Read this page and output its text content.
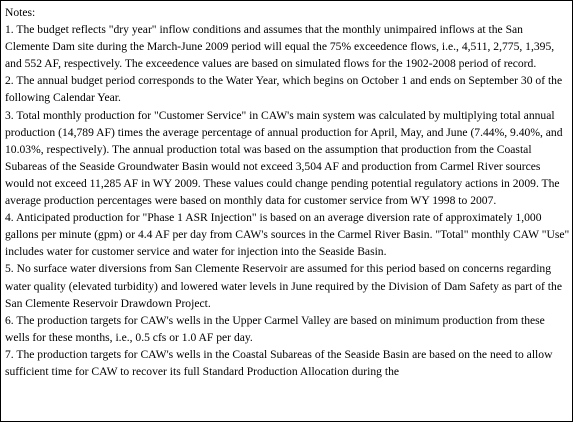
Notes:

1. The budget reflects "dry year" inflow conditions and assumes that the monthly unimpaired inflows at the San Clemente Dam site during the March-June 2009 period will equal the 75% exceedence flows, i.e., 4,511, 2,775, 1,395, and 552 AF, respectively. The exceedence values are based on simulated flows for the 1902-2008 period of record.

2. The annual budget period corresponds to the Water Year, which begins on October 1 and ends on September 30 of the following Calendar Year.

3. Total monthly production for "Customer Service" in CAW's main system was calculated by multiplying total annual production (14,789 AF) times the average percentage of annual production for April, May, and June (7.44%, 9.40%, and 10.03%, respectively). The annual production total was based on the assumption that production from the Coastal Subareas of the Seaside Groundwater Basin would not exceed 3,504 AF and production from Carmel River sources would not exceed 11,285 AF in WY 2009. These values could change pending potential regulatory actions in 2009. The average production percentages were based on monthly data for customer service from WY 1998 to 2007.

4. Anticipated production for "Phase 1 ASR Injection" is based on an average diversion rate of approximately 1,000 gallons per minute (gpm) or 4.4 AF per day from CAW's sources in the Carmel River Basin. "Total" monthly CAW "Use" includes water for customer service and water for injection into the Seaside Basin.

5. No surface water diversions from San Clemente Reservoir are assumed for this period based on concerns regarding water quality (elevated turbidity) and lowered water levels in June required by the Division of Dam Safety as part of the San Clemente Reservoir Drawdown Project.

6. The production targets for CAW's wells in the Upper Carmel Valley are based on minimum production from these wells for these months, i.e., 0.5 cfs or 1.0 AF per day.

7. The production targets for CAW's wells in the Coastal Subareas of the Seaside Basin are based on the need to allow sufficient time for CAW to recover its full Standard Production Allocation during the
